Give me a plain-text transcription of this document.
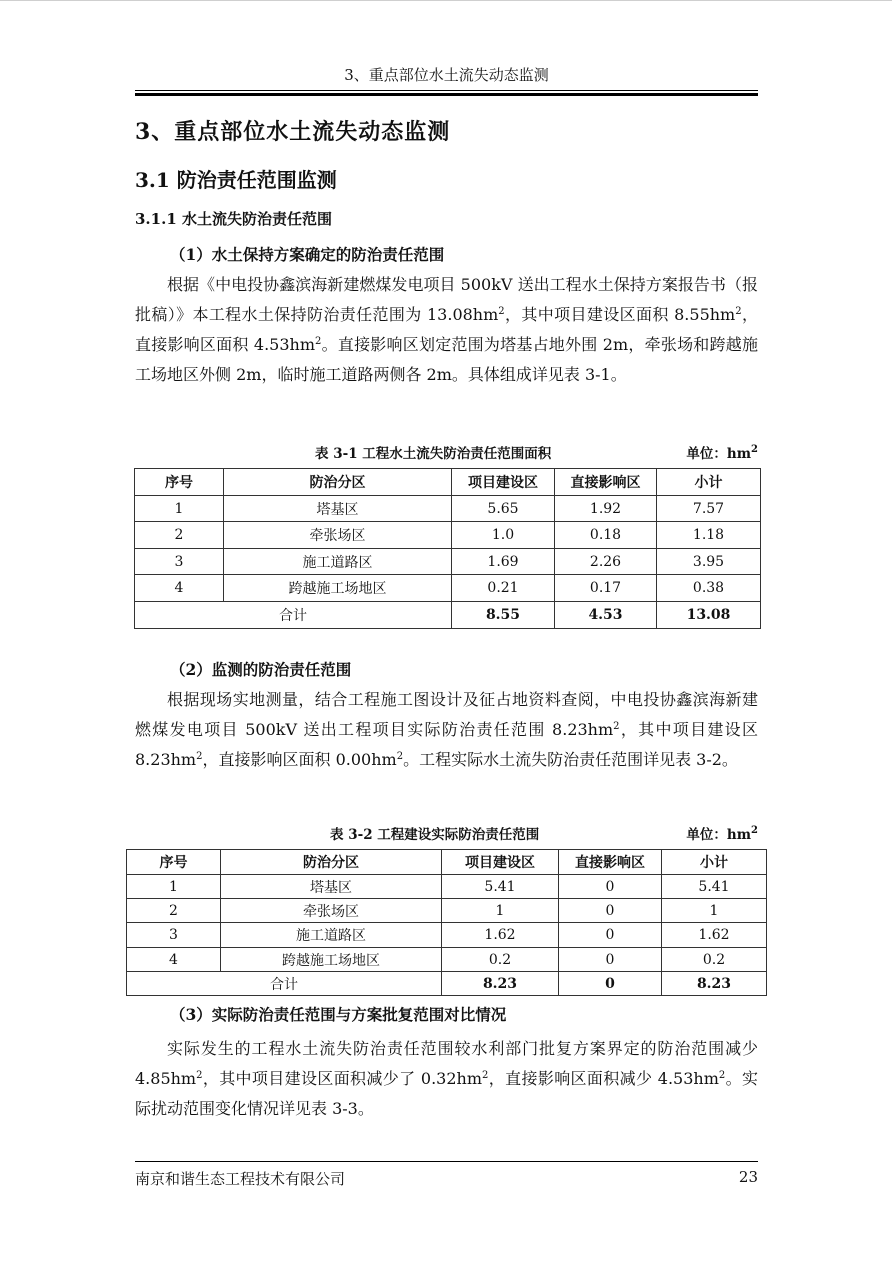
3、重点部位水土流失动态监测
3、重点部位水土流失动态监测
3.1 防治责任范围监测
3.1.1 水土流失防治责任范围
（1）水土保持方案确定的防治责任范围

根据《中电投协鑫滨海新建燃煤发电项目 500kV 送出工程水土保持方案报告书（报批稿）》本工程水土保持防治责任范围为 $13.08hm^2$，其中项目建设区面积 $8.55hm^2$，直接影响区面积 $4.53hm^2$。直接影响区划定范围为塔基占地外围 2m，牵张场和跨越施工场地区外侧 2m，临时施工道路两侧各 2m。具体组成详见表 3-1。

表 3-1 工程水土流失防治责任范围面积	单位：$hm^2$
序号	防治分区	项目建设区	直接影响区	小计
1	塔基区	5.65	1.92	7.57
2	牵张场区	1.0	0.18	1.18
3	施工道路区	1.69	2.26	3.95
4	跨越施工场地区	0.21	0.17	0.38
合计		8.55	4.53	13.08
（2）监测的防治责任范围

根据现场实地测量，结合工程施工图设计及征占地资料查阅，中电投协鑫滨海新建燃煤发电项目 500kV 送出工程项目实际防治责任范围 $8.23hm^2$，其中项目建设区 $8.23hm^2$，直接影响区面积 $0.00hm^2$。工程实际水土流失防治责任范围详见表 3-2。

表 3-2 工程建设实际防治责任范围	单位：$hm^2$
序号	防治分区	项目建设区	直接影响区	小计
1	塔基区	5.41	0	5.41
2	牵张场区	1	0	1
3	施工道路区	1.62	0	1.62
4	跨越施工场地区	0.2	0	0.2
合计		8.23	0	8.23
（3）实际防治责任范围与方案批复范围对比情况

实际发生的工程水土流失防治责任范围较水利部门批复方案界定的防治范围减少 $4.85hm^2$，其中项目建设区面积减少了 $0.32hm^2$，直接影响区面积减少 $4.53hm^2$。实际扰动范围变化情况详见表 3-3。

南京和谐生态工程技术有限公司	23
